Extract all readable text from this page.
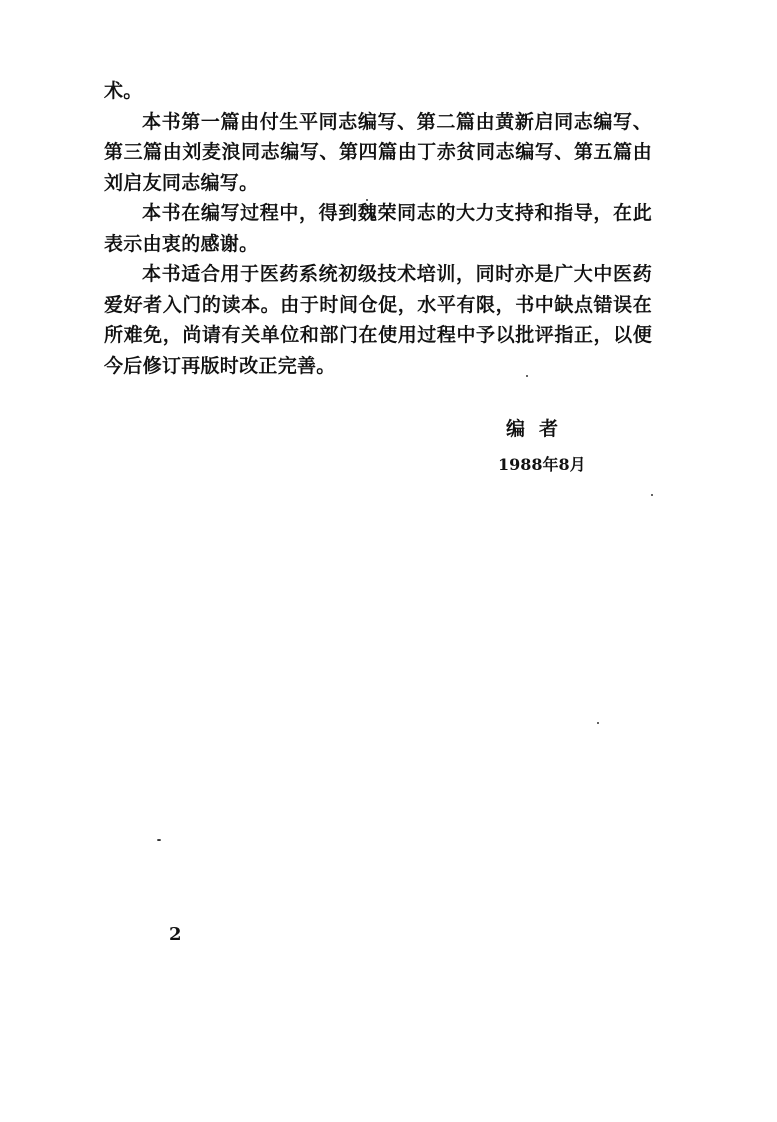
术。

本书第一篇由付生平同志编写、第二篇由黄新启同志编写、第三篇由刘麦浪同志编写、第四篇由丁赤贫同志编写、第五篇由刘启友同志编写。

本书在编写过程中，得到魏荣同志的大力支持和指导，在此表示由衷的感谢。

本书适合用于医药系统初级技术培训，同时亦是广大中医药爱好者入门的读本。由于时间仓促，水平有限，书中缺点错误在所难免，尚请有关单位和部门在使用过程中予以批评指正，以便今后修订再版时改正完善。

编者
1988年8月
2
